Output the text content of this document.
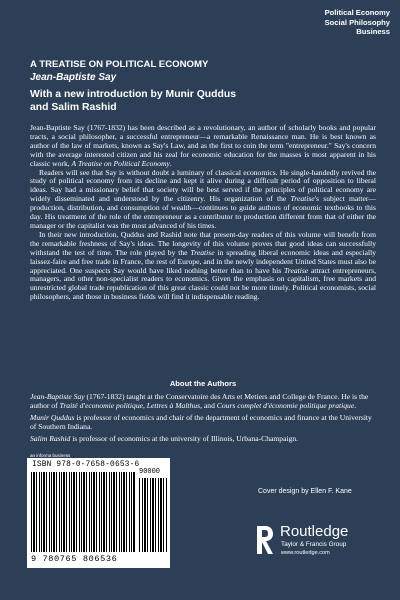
Political Economy
Social Philosophy
Business
A TREATISE ON POLITICAL ECONOMY
Jean-Baptiste Say
With a new introduction by Munir Quddus
and Salim Rashid

Jean-Baptiste Say (1767-1832) has been described as a revolutionary, an author of scholarly books and popular tracts, a social philosopher, a successful entrepreneur—a remarkable Renaissance man. He is best known as author of the law of markets, known as Say's Law, and as the first to coin the term "entrepreneur." Say's concern with the average interested citizen and his zeal for economic education for the masses is most apparent in his classic work, A Treatise on Political Economy.

Readers will see that Say is without doubt a luminary of classical economics. He single-handedly revived the study of political economy from its decline and kept it alive during a difficult period of opposition to liberal ideas. Say had a missionary belief that society will be best served if the principles of political economy are widely disseminated and understood by the citizenry. His organization of the Treatise's subject matter—production, distribution, and consumption of wealth—continues to guide authors of economic textbooks to this day. His treatment of the role of the entrepreneur as a contributor to production different from that of either the manager or the capitalist was the most advanced of his times.

In their new introduction, Quddus and Rashid note that present-day readers of this volume will benefit from the remarkable freshness of Say's ideas. The longevity of this volume proves that good ideas can successfully withstand the test of time. The role played by the Treatise in spreading liberal economic ideas and especially laissez-faire and free trade in France, the rest of Europe, and in the newly independent United States must also be appreciated. One suspects Say would have liked nothing better than to have his Treatise attract entrepreneurs, managers, and other non-specialist readers to economics. Given the emphasis on capitalism, free markets and unrestricted global trade republication of this great classic could not be more timely. Political economists, social philosophers, and those in business fields will find it indispensable reading.

About the Authors

Jean-Baptiste Say (1767-1832) taught at the Conservatoire des Arts et Metiers and College de France. He is the author of Traité d'economie politique, Lettres à Malthus, and Cours complet d'économie politique pratique.

Munir Quddus is professor of economics and chair of the department of economics and finance at the University of Southern Indiana.

Salim Rashid is professor of economics at the university of Illinois, Urbana-Champaign.

an informa business
ISBN 978-0-7658-0653-6
90000
9 780765 806536
Cover design by Ellen F. Kane
Routledge
Taylor & Francis Group
www.routledge.com
